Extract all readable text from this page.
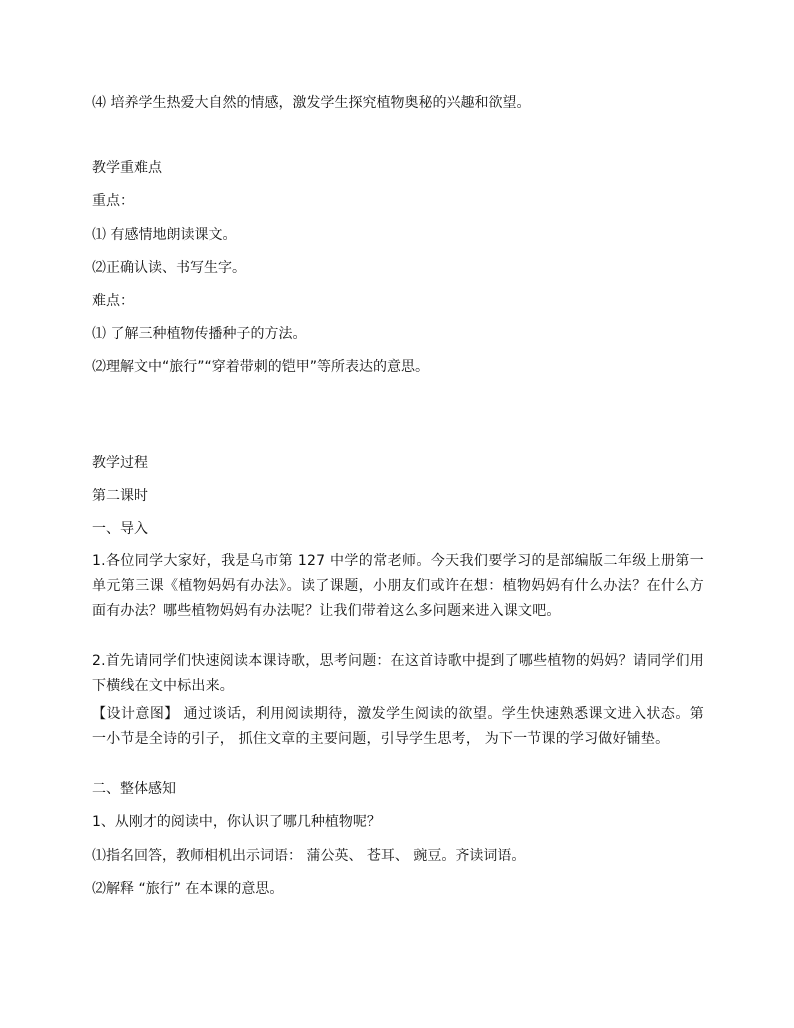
⑷ 培养学生热爱大自然的情感，激发学生探究植物奥秘的兴趣和欲望。
教学重难点
重点：
⑴ 有感情地朗读课文。
⑵正确认读、书写生字。
难点：
⑴ 了解三种植物传播种子的方法。
⑵理解文中“旅行”“穿着带刺的铠甲”等所表达的意思。
教学过程
第二课时
一、导入
1.各位同学大家好，我是乌市第 127 中学的常老师。今天我们要学习的是部编版二年级上册第一单元第三课《植物妈妈有办法》。读了课题，小朋友们或许在想：植物妈妈有什么办法？在什么方面有办法？哪些植物妈妈有办法呢？让我们带着这么多问题来进入课文吧。
2.首先请同学们快速阅读本课诗歌，思考问题：在这首诗歌中提到了哪些植物的妈妈？请同学们用下横线在文中标出来。
【设计意图】 通过谈话，利用阅读期待，激发学生阅读的欲望。学生快速熟悉课文进入状态。第一小节是全诗的引子， 抓住文章的主要问题，引导学生思考， 为下一节课的学习做好铺垫。
二、整体感知
1、从刚才的阅读中，你认识了哪几种植物呢？
⑴指名回答，教师相机出示词语： 蒲公英、 苍耳、 豌豆。齐读词语。
⑵解释 “旅行” 在本课的意思。
